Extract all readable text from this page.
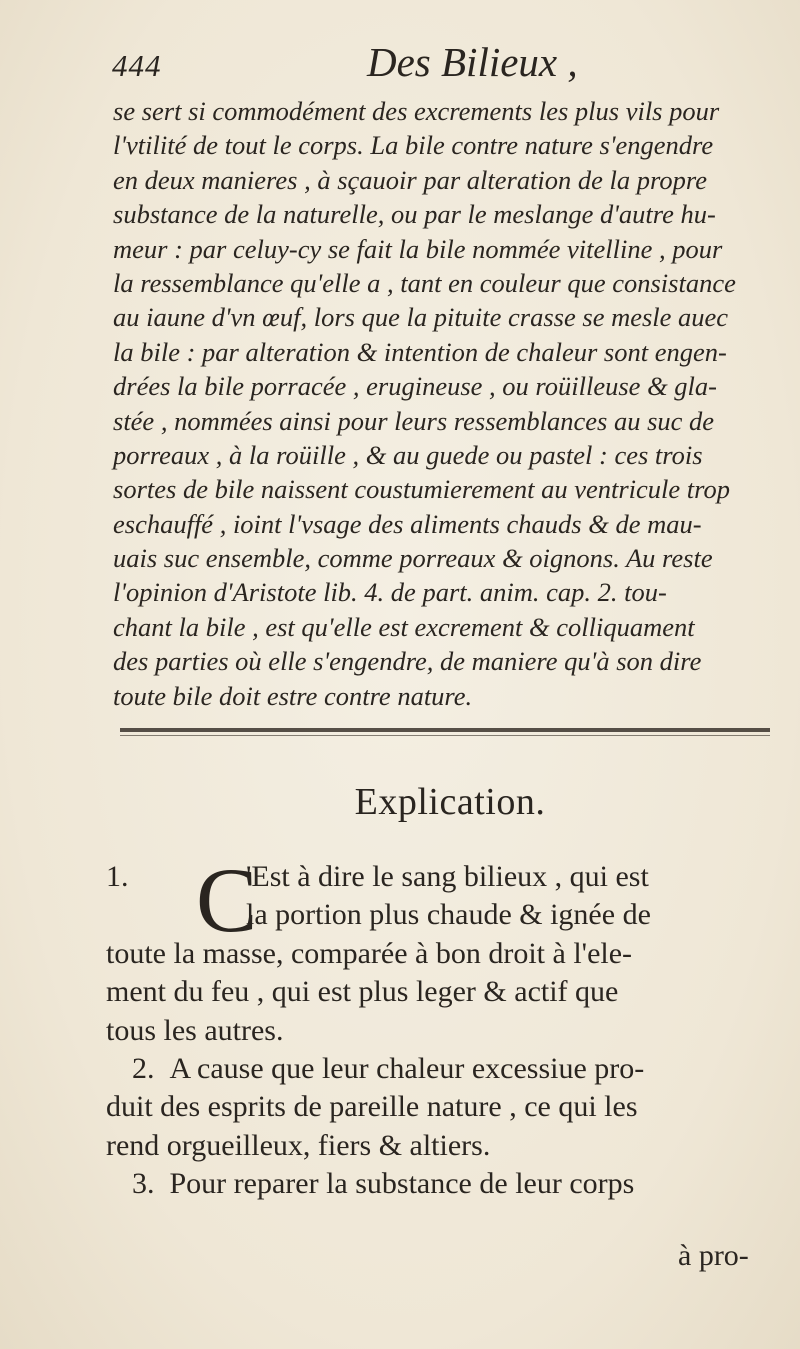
444	Des Bilieux ,
se sert si commodément des excrements les plus vils pour
l'vtilité de tout le corps. La bile contre nature s'engendre
en deux manieres , à sçauoir par alteration de la propre
substance de la naturelle, ou par le meslange d'autre hu-
meur : par celuy-cy se fait la bile nommée vitelline , pour
la ressemblance qu'elle a , tant en couleur que consistance
au iaune d'vn œuf, lors que la pituite crasse se mesle auec
la bile : par alteration & intention de chaleur sont engen-
drées la bile porracée , erugineuse , ou roüilleuse & gla-
stée , nommées ainsi pour leurs ressemblances au suc de
porreaux , à la roüille , & au guede ou pastel : ces trois
sortes de bile naissent coustumierement au ventricule trop
eschauffé , ioint l'vsage des aliments chauds & de mau-
uais suc ensemble, comme porreaux & oignons. Au reste
l'opinion d'Aristote lib. 4. de part. anim. cap. 2. tou-
chant la bile , est qu'elle est excrement & colliquament
des parties où elle s'engendre, de maniere qu'à son dire
toute bile doit estre contre nature.
Explication.
C
1.	'Est à dire le sang bilieux , qui est
la portion plus chaude & ignée de
toute la masse, comparée à bon droit à l'ele-
ment du feu , qui est plus leger & actif que
tous les autres.
2. A cause que leur chaleur excessiue pro-
duit des esprits de pareille nature , ce qui les
rend orgueilleux, fiers & altiers.
3. Pour reparer la substance de leur corps
à pro-
